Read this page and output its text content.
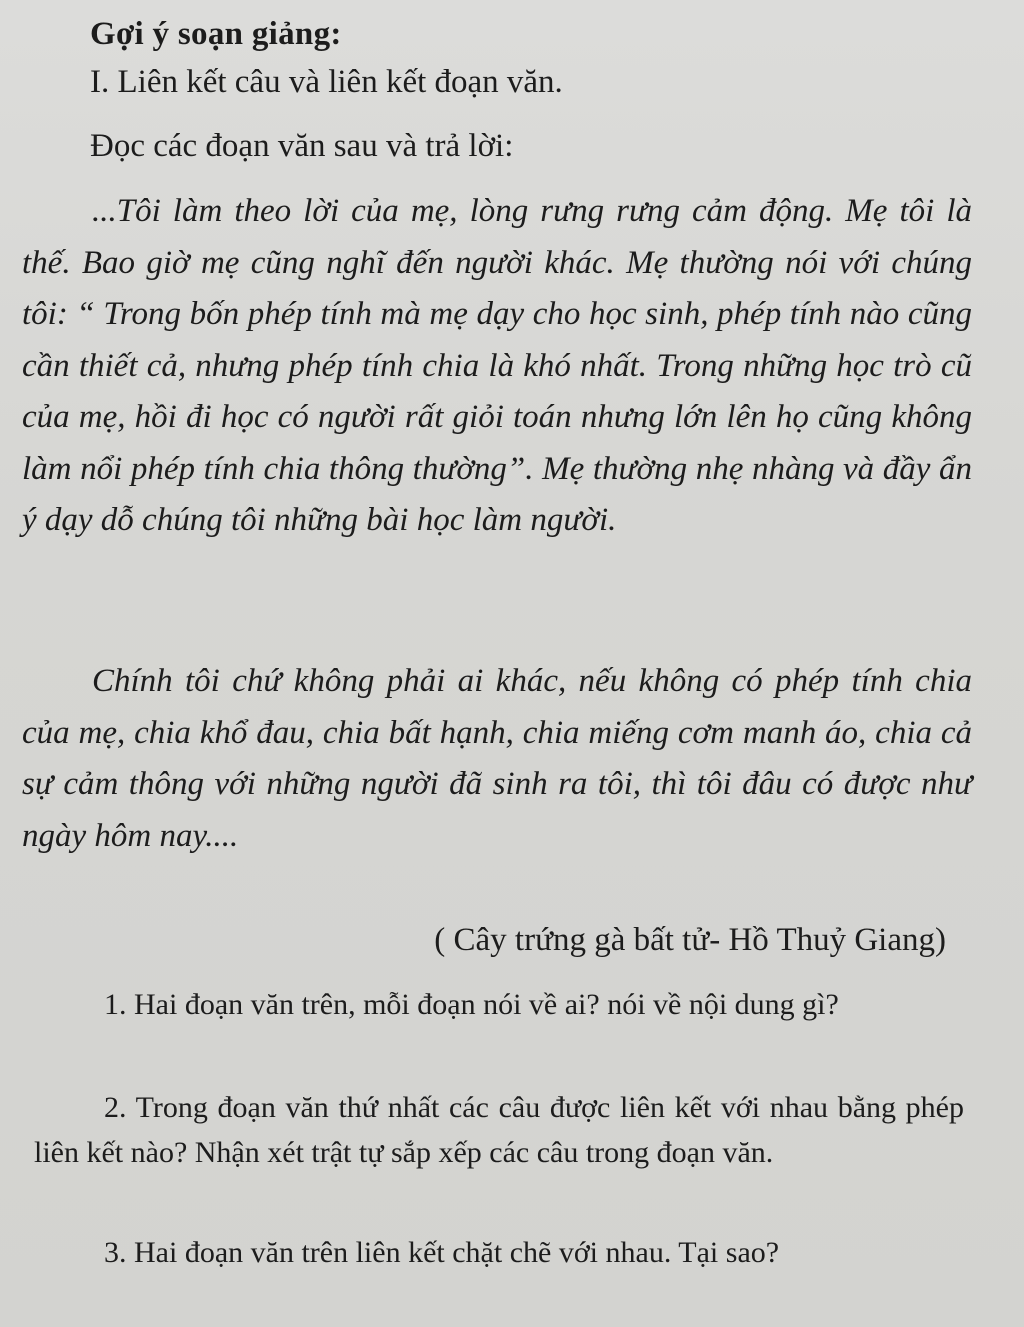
Gợi ý soạn giảng:
I. Liên kết câu và liên kết đoạn văn.
Đọc các đoạn văn sau và trả lời:

...Tôi làm theo lời của mẹ, lòng rưng rưng cảm động. Mẹ tôi là thế. Bao giờ mẹ cũng nghĩ đến người khác. Mẹ thường nói với chúng tôi: “ Trong bốn phép tính mà mẹ dạy cho học sinh, phép tính nào cũng cần thiết cả, nhưng phép tính chia là khó nhất. Trong những học trò cũ của mẹ, hồi đi học có người rất giỏi toán nhưng lớn lên họ cũng không làm nổi phép tính chia thông thường”. Mẹ thường nhẹ nhàng và đầy ẩn ý dạy dỗ chúng tôi những bài học làm người.

Chính tôi chứ không phải ai khác, nếu không có phép tính chia của mẹ, chia khổ đau, chia bất hạnh, chia miếng cơm manh áo, chia cả sự cảm thông với những người đã sinh ra tôi, thì tôi đâu có được như ngày hôm nay....

( Cây trứng gà bất tử- Hồ Thuỷ Giang)

1. Hai đoạn văn trên, mỗi đoạn nói về ai? nói về nội dung gì?

2. Trong đoạn văn thứ nhất các câu được liên kết với nhau bằng phép liên kết nào? Nhận xét trật tự sắp xếp các câu trong đoạn văn.

3. Hai đoạn văn trên liên kết chặt chẽ với nhau. Tại sao?
